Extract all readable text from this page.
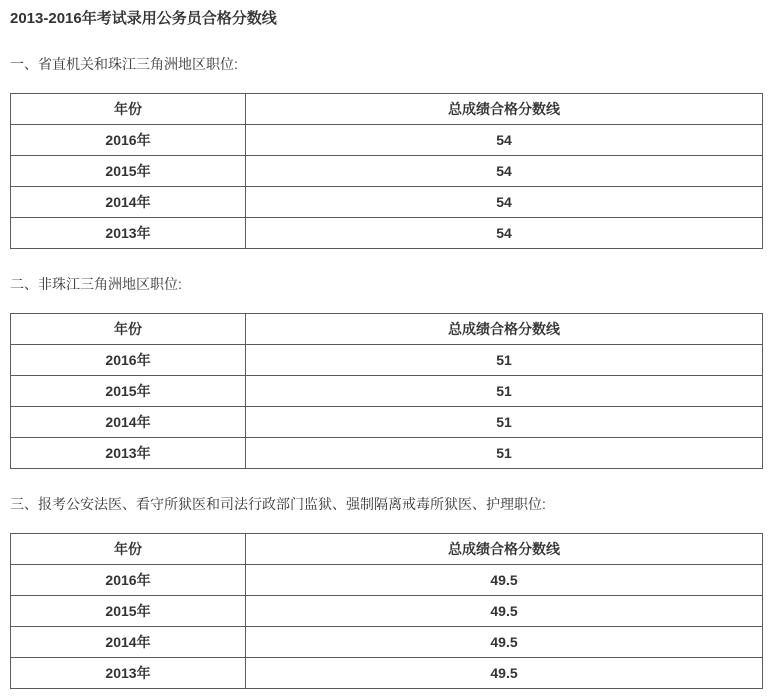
2013-2016年考试录用公务员合格分数线

一、省直机关和珠江三角洲地区职位:

年份	总成绩合格分数线
2016年	54
2015年	54
2014年	54
2013年	54

二、非珠江三角洲地区职位:

年份	总成绩合格分数线
2016年	51
2015年	51
2014年	51
2013年	51

三、报考公安法医、看守所狱医和司法行政部门监狱、强制隔离戒毒所狱医、护理职位:

年份	总成绩合格分数线
2016年	49.5
2015年	49.5
2014年	49.5
2013年	49.5
